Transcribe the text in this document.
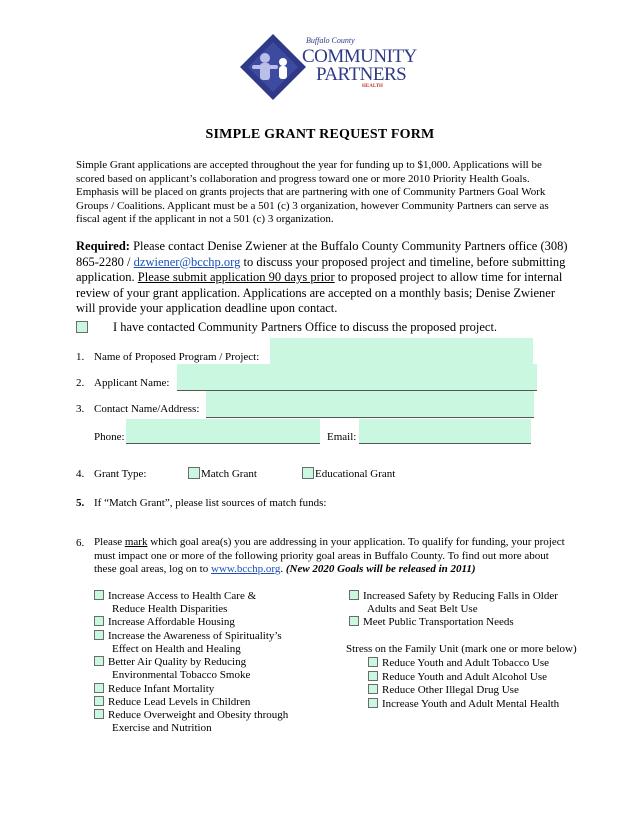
Buffalo County
COMMUNITY
PARTNERS
HEALTH
SIMPLE GRANT REQUEST FORM
Simple Grant applications are accepted throughout the year for funding up to $1,000. Applications will be scored based on applicant’s collaboration and progress toward one or more 2010 Priority Health Goals. Emphasis will be placed on grants projects that are partnering with one of Community Partners Goal Work Groups / Coalitions. Applicant must be a 501 (c) 3 organization, however Community Partners can serve as fiscal agent if the applicant in not a 501 (c) 3 organization.
Required: Please contact Denise Zwiener at the Buffalo County Community Partners office (308) 865-2280 / dzwiener@bcchp.org to discuss your proposed project and timeline, before submitting application. Please submit application 90 days prior to proposed project to allow time for internal review of your grant application. Applications are accepted on a monthly basis; Denise Zwiener will provide your application deadline upon contact.
I have contacted Community Partners Office to discuss the proposed project.
1. Name of Proposed Program / Project:
2. Applicant Name:
3. Contact Name/Address:
Phone:	Email:
4. Grant Type:	Match Grant	Educational Grant
5. If “Match Grant”, please list sources of match funds:
6. Please mark which goal area(s) you are addressing in your application. To qualify for funding, your project must impact one or more of the following priority goal areas in Buffalo County. To find out more about these goal areas, log on to www.bcchp.org. (New 2020 Goals will be released in 2011)
Increase Access to Health Care &
Reduce Health Disparities
Increase Affordable Housing
Increase the Awareness of Spirituality’s
Effect on Health and Healing
Better Air Quality by Reducing
Environmental Tobacco Smoke
Reduce Infant Mortality
Reduce Lead Levels in Children
Reduce Overweight and Obesity through
Exercise and Nutrition
Increased Safety by Reducing Falls in Older
Adults and Seat Belt Use
Meet Public Transportation Needs
Stress on the Family Unit (mark one or more below)
Reduce Youth and Adult Tobacco Use
Reduce Youth and Adult Alcohol Use
Reduce Other Illegal Drug Use
Increase Youth and Adult Mental Health
